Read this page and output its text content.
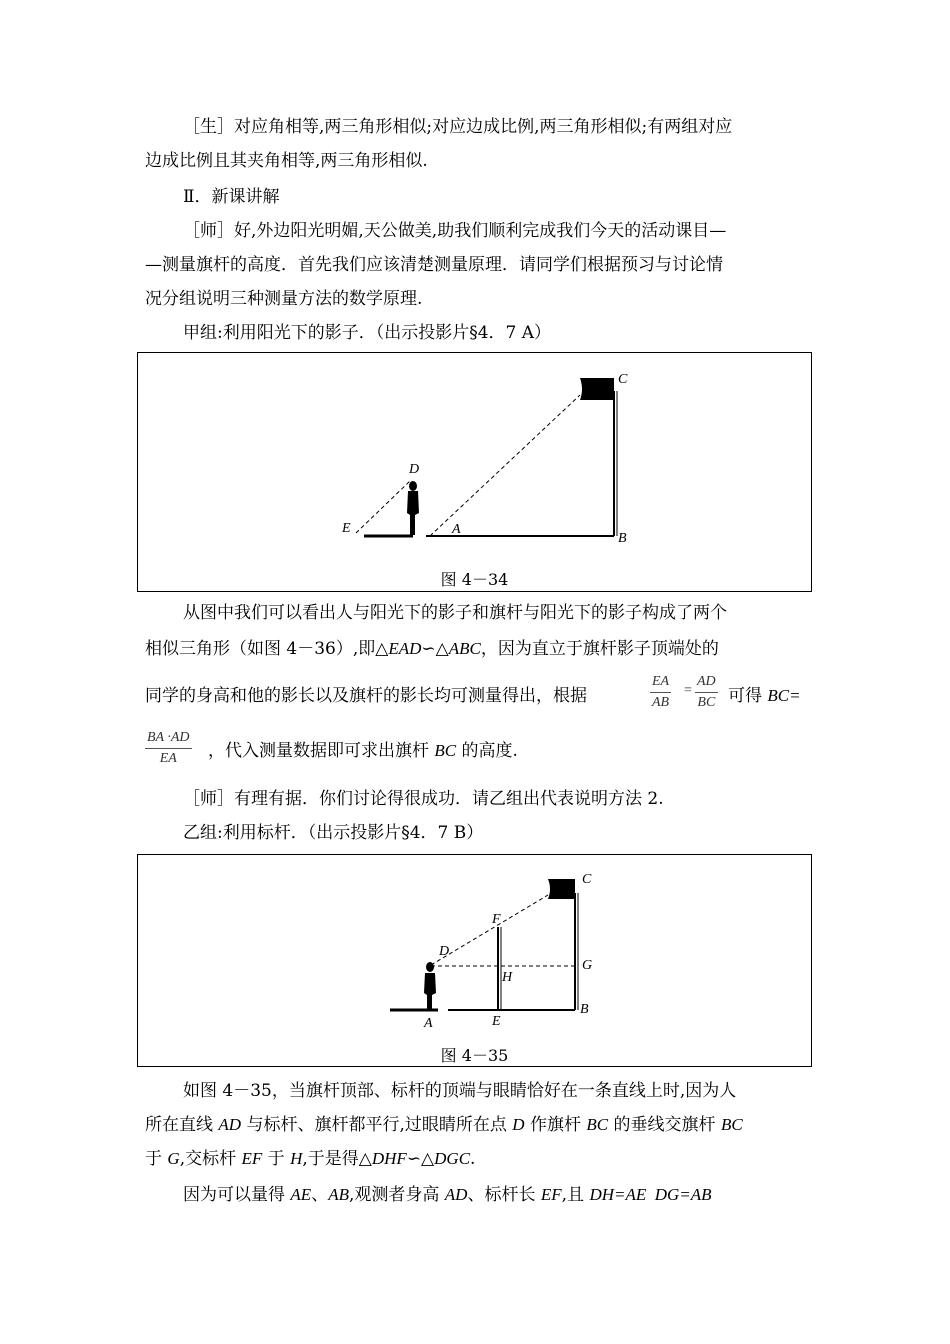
［生］对应角相等,两三角形相似;对应边成比例,两三角形相似;有两组对应
边成比例且其夹角相等,两三角形相似.
Ⅱ．新课讲解
［师］好,外边阳光明媚,天公做美,助我们顺利完成我们今天的活动课目—
—测量旗杆的高度．首先我们应该清楚测量原理．请同学们根据预习与讨论情
况分组说明三种测量方法的数学原理.
甲组:利用阳光下的影子．（出示投影片§4．7 A）
C
D
E	A
B
图 4－34
从图中我们可以看出人与阳光下的影子和旗杆与阳光下的影子构成了两个
相似三角形（如图 4－36）,即△EAD∽△ABC，因为直立于旗杆影子顶端处的
同学的身高和他的影长以及旗杆的影长均可测量得出，根据	$\frac{EA}{AB} = \frac{AD}{BC}$ 可得 BC=
$\frac{BA \cdot AD}{EA}$ ，代入测量数据即可求出旗杆 BC 的高度.
［师］有理有据．你们讨论得很成功．请乙组出代表说明方法 2.
乙组:利用标杆．（出示投影片§4．7 B）
C
F
D
G
H
A	E
B
图 4－35
如图 4－35，当旗杆顶部、标杆的顶端与眼睛恰好在一条直线上时,因为人
所在直线 AD 与标杆、旗杆都平行,过眼睛所在点 D 作旗杆 BC 的垂线交旗杆 BC
于 G,交标杆 EF 于 H,于是得△DHF∽△DGC.
因为可以量得 AE、AB,观测者身高 AD、标杆长 EF,且 DH=AE  DG=AB
